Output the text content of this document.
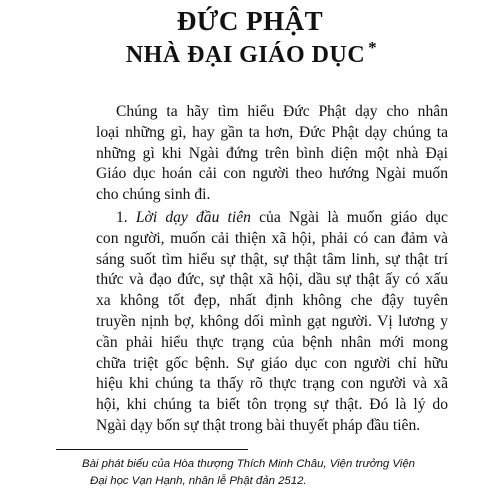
ĐỨC PHẬT
NHÀ ĐẠI GIÁO DỤC *
Chúng ta hãy tìm hiểu Đức Phật dạy cho nhân
loại những gì, hay gần ta hơn, Đức Phật dạy chúng ta
những gì khi Ngài đứng trên bình diện một nhà Đại
Giáo dục hoán cải con người theo hướng Ngài muốn
cho chúng sinh đi.
1. Lời dạy đầu tiên của Ngài là muốn giáo dục
con người, muốn cải thiện xã hội, phải có can đảm và
sáng suốt tìm hiểu sự thật, sự thật tâm linh, sự thật trí
thức và đạo đức, sự thật xã hội, dầu sự thật ấy có xấu
xa không tốt đẹp, nhất định không che đậy tuyên
truyền nịnh bợ, không dối mình gạt người. Vị lương y
cần phải hiểu thực trạng của bệnh nhân mới mong
chữa triệt gốc bệnh. Sự giáo dục con người chỉ hữu
hiệu khi chúng ta thấy rõ thực trạng con người và xã
hội, khi chúng ta biết tôn trọng sự thật. Đó là lý do
Ngài dạy bốn sự thật trong bài thuyết pháp đầu tiên.
Bài phát biểu của Hòa thượng Thích Minh Châu, Viện trưởng Viện
Đại học Vạn Hạnh, nhân lễ Phật đản 2512.
